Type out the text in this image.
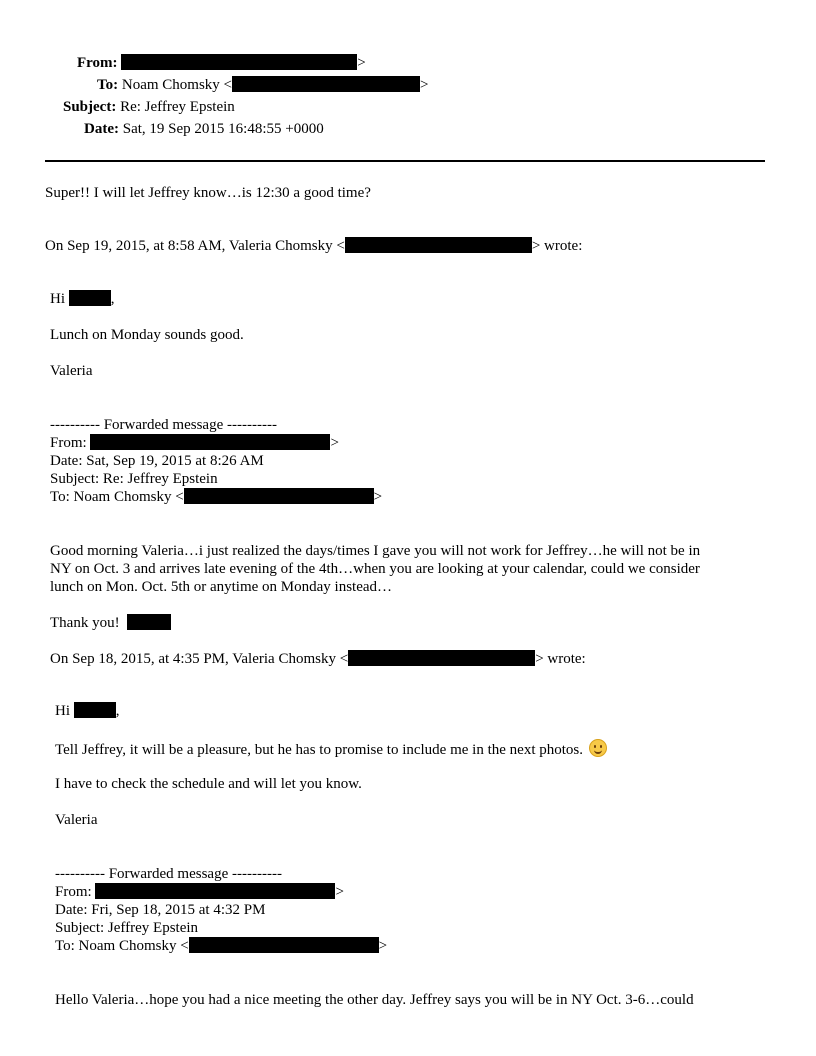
From:	>
To: Noam Chomsky <	>
Subject: Re: Jeffrey Epstein
Date: Sat, 19 Sep 2015 16:48:55 +0000
Super!! I will let Jeffrey know…is 12:30 a good time?
On Sep 19, 2015, at 8:58 AM, Valeria Chomsky <	> wrote:
Hi	,
Lunch on Monday sounds good.
Valeria
---------- Forwarded message ----------
From:	>
Date: Sat, Sep 19, 2015 at 8:26 AM
Subject: Re: Jeffrey Epstein
To: Noam Chomsky <	>
Good morning Valeria…i just realized the days/times I gave you will not work for Jeffrey…he will not be in
NY on Oct. 3 and arrives late evening of the 4th…when you are looking at your calendar, could we consider
lunch on Mon. Oct. 5th or anytime on Monday instead…
Thank you!
On Sep 18, 2015, at 4:35 PM, Valeria Chomsky <	> wrote:
Hi	,
Tell Jeffrey, it will be a pleasure, but he has to promise to include me in the next photos.
I have to check the schedule and will let you know.
Valeria
---------- Forwarded message ----------
From:	>
Date: Fri, Sep 18, 2015 at 4:32 PM
Subject: Jeffrey Epstein
To: Noam Chomsky <	>
Hello Valeria…hope you had a nice meeting the other day. Jeffrey says you will be in NY Oct. 3-6…could
